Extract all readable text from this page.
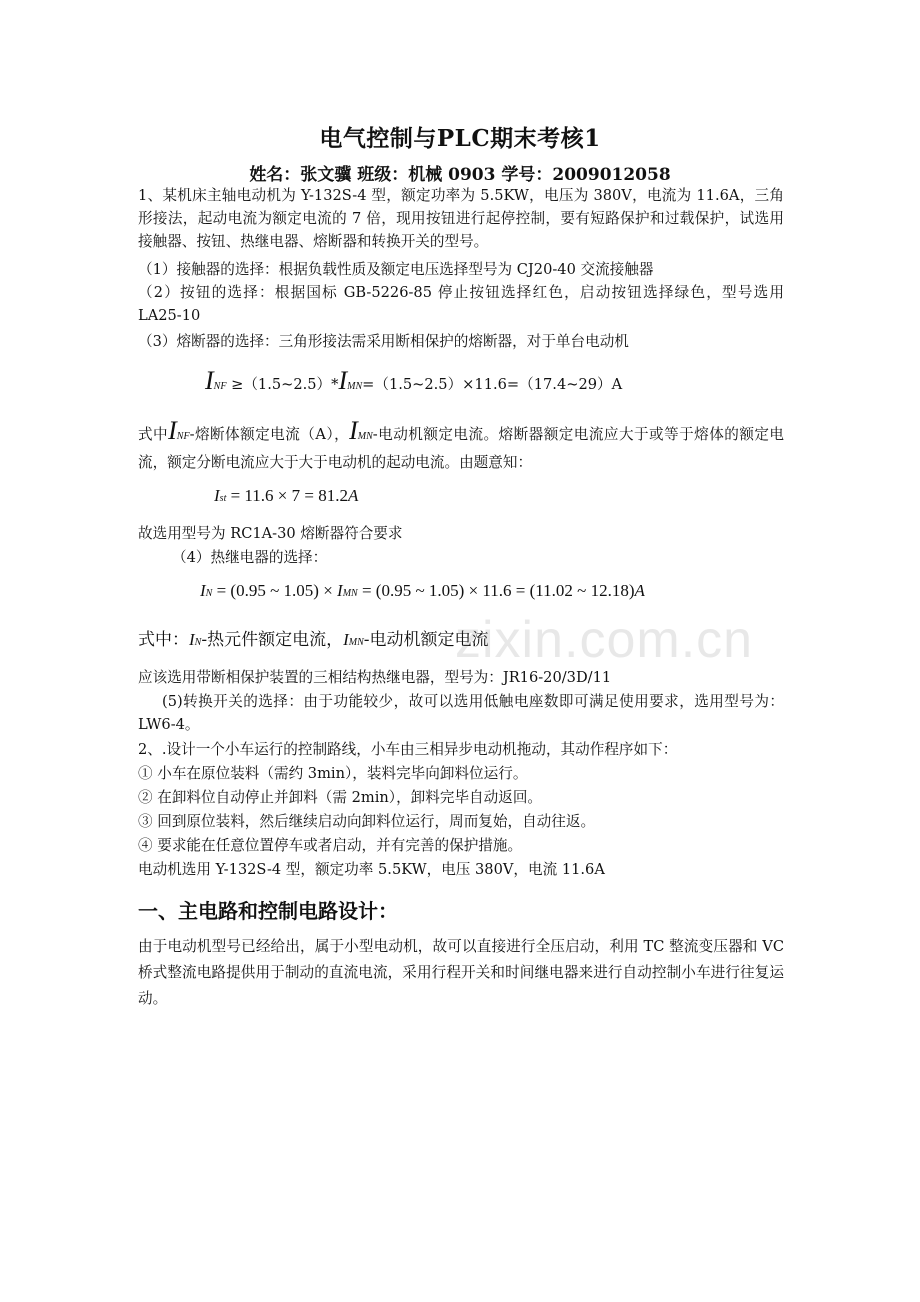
电气控制与PLC期末考核1
姓名：张文骥 班级：机械 0903 学号：2009012058

1、某机床主轴电动机为 Y-132S-4 型，额定功率为 5.5KW，电压为 380V，电流为 11.6A，三角形接法，起动电流为额定电流的 7 倍，现用按钮进行起停控制，要有短路保护和过载保护，试选用接触器、按钮、热继电器、熔断器和转换开关的型号。

（1）接触器的选择：根据负载性质及额定电压选择型号为 CJ20-40 交流接触器

（2）按钮的选择：根据国标 GB-5226-85 停止按钮选择红色，启动按钮选择绿色，型号选用 LA25-10

（3）熔断器的选择：三角形接法需采用断相保护的熔断器，对于单台电动机

INF ≥（1.5~2.5）*IMN=（1.5~2.5）×11.6=（17.4~29）A

式中INF-熔断体额定电流（A），IMN-电动机额定电流。熔断器额定电流应大于或等于熔体的额定电流，额定分断电流应大于大于电动机的起动电流。由题意知：

Ist = 11.6 × 7 = 81.2A

故选用型号为 RC1A-30 熔断器符合要求

（4）热继电器的选择：

IN = (0.95 ~ 1.05) × IMN = (0.95 ~ 1.05) × 11.6 = (11.02 ~ 12.18)A

式中：IN-热元件额定电流，IMN-电动机额定电流

应该选用带断相保护装置的三相结构热继电器，型号为：JR16-20/3D/11

(5)转换开关的选择：由于功能较少，故可以选用低触电座数即可满足使用要求，选用型号为：LW6-4。

2、.设计一个小车运行的控制路线，小车由三相异步电动机拖动，其动作程序如下：

① 小车在原位装料（需约 3min），装料完毕向卸料位运行。

② 在卸料位自动停止并卸料（需 2min），卸料完毕自动返回。

③ 回到原位装料，然后继续启动向卸料位运行，周而复始，自动往返。

④ 要求能在任意位置停车或者启动，并有完善的保护措施。

电动机选用 Y-132S-4 型，额定功率 5.5KW，电压 380V，电流 11.6A

一、主电路和控制电路设计：

由于电动机型号已经给出，属于小型电动机，故可以直接进行全压启动，利用 TC 整流变压器和 VC 桥式整流电路提供用于制动的直流电流，采用行程开关和时间继电器来进行自动控制小车进行往复运动。

zixin.com.cn
